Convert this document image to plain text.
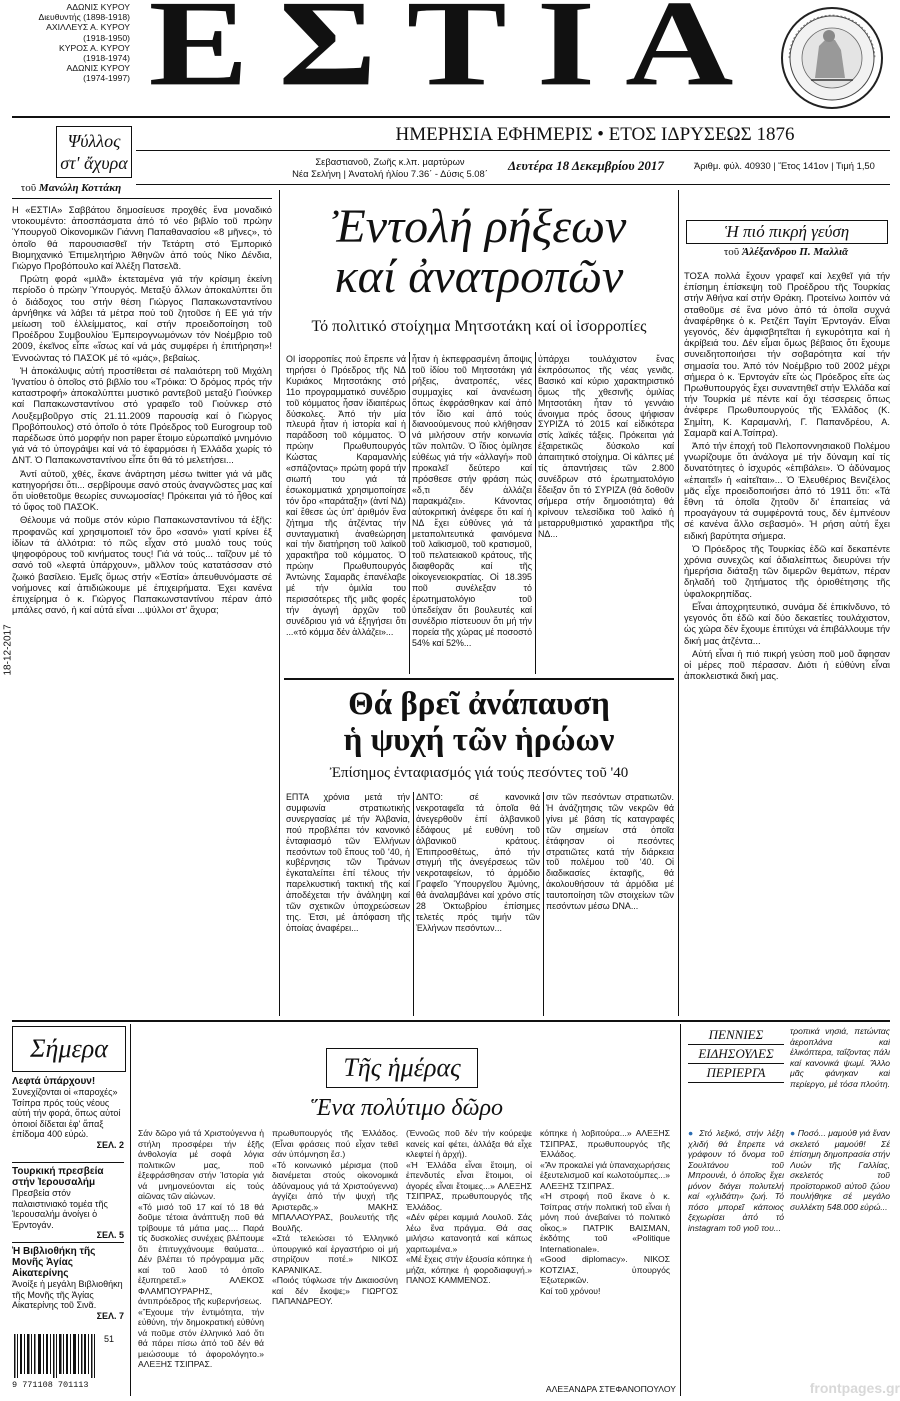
ΑΔΩΝΙΣ ΚΥΡΟΥ
Διευθυντής (1898-1918)
ΑΧΙΛΛΕΥΣ Α. ΚΥΡΟΥ
(1918-1950)
ΚΥΡΟΣ Α. ΚΥΡΟΥ
(1918-1974)
ΑΔΩΝΙΣ ΚΥΡΟΥ
(1974-1997) ΕΣΤΙΑ
ΗΜΕΡΗΣΙΑ ΕΦΗΜΕΡΙΣ • ΕΤΟΣ ΙΔΡΥΣΕΩΣ 1876
Σεβαστιανοῦ, Ζωῆς κ.λπ. μαρτύρων
Νέα Σελήνη | Ἀνατολή ἡλίου 7.36΄ - Δύσις 5.08΄
Δευτέρα 18 Δεκεμβρίου 2017	Ἀριθμ. φύλ. 40930 | Ἔτος 141ον | Τιμή 1,50
18-12-2017
Ψύλλος στ' ἄχυρα
τοῦ Μανώλη Κοττάκη

Η «ΕΣΤΙΑ» Σαββάτου δημοσίευσε προχθές ἕνα μοναδικό ντοκουμέντο: ἀποσπάσματα ἀπό τό νέο βιβλίο τοῦ πρώην Ὑπουργοῦ Οἰκονομικῶν Γιάννη Παπαθανασίου «8 μῆνες», τό ὁποῖο θά παρουσιασθεῖ τήν Τετάρτη στό Ἐμπορικό Βιομηχανικό Ἐπιμελητήριο Ἀθηνῶν ἀπό τούς Νίκο Δένδια, Γιώργο Προβόπουλο καί Ἀλέξη Πατσελᾶ.

Πρώτη φορά «μιλᾶ» ἐκτεταμένα γιά τήν κρίσιμη ἐκείνη περίοδο ὁ πρώην Ὑπουργός. Μεταξύ ἄλλων ἀποκαλύπτει ὅτι ὁ διάδοχος του στήν θέση Γιώργος Παπακωνσταντίνου ἀρνήθηκε νά λάβει τά μέτρα πού τοῦ ζητοῦσε ἡ ΕΕ γιά τήν μείωση τοῦ ἐλλείμματος, καί στήν προειδοποίηση τοῦ Προέδρου Συμβουλίου Ἐμπειρογνωμόνων τόν Νοέμβριο τοῦ 2009, ἐκεῖνος εἶπε «ἴσως καί νά μάς συμφέρει ἡ ἐπιτήρηση»! Ἐννοώντας τό ΠΑΣΟΚ μέ τό «μάς», βεβαίως.

Ἡ ἀποκάλυψις αὐτή προστίθεται σέ παλαιότερη τοῦ Μιχάλη Ἰγνατίου ὁ ὁποῖος στό βιβλίο του «Τρόικα: Ὁ δρόμος πρός τήν καταστροφή» ἀποκαλύπτει μυστικό ραντεβοῦ μεταξύ Γιούνκερ καί Παπακωνσταντίνου στό γραφεῖο τοῦ Γιούνκερ στό Λουξεμβοῦργο στίς 21.11.2009 παρουσίᾳ καί ὁ Γιώργος Προβόπουλος) στό ὁποῖο ὁ τότε Πρόεδρος τοῦ Eurogroup τοῦ παρέδωσε ὑπό μορφήν non paper ἕτοιμο εὐρωπαϊκό μνημόνιο γιά νά τό ὑπογράψει καί νά τό ἐφαρμόσει ἡ Ἑλλάδα χωρίς τό ΔΝΤ. Ὁ Παπακωνσταντίνου εἶπε ὅτι θά τό μελετήσει...

Ἀντί αὐτοῦ, χθές, ἔκανε ἀνάρτηση μέσω twitter γιά νά μᾶς κατηγορήσει ὅτι... σερβίρουμε σανό στούς ἀναγνῶστες μας καί ὅτι υἱοθετοῦμε θεωρίες συνωμοσίας! Πρόκειται γιά τό ἦθος καί τό ὕφος τοῦ ΠΑΣΟΚ.

Θέλουμε νά ποῦμε στόν κύριο Παπακωνσταντίνου τά ἑξῆς: προφανῶς καί χρησιμοποιεῖ τόν ὅρο «σανό» γιατί κρίνει ἐξ ἰδίων τά ἀλλότρια: τό πῶς εἶχαν στό μυαλό τους τούς ψηφοφόρους τοῦ κινήματος τους! Γιά νά τούς... ταΐζουν μέ τό σανό τοῦ «λεφτά ὑπάρχουν», μᾶλλον τούς κατατάσσαν στό ζωικό βασίλειο. Ἐμεῖς ὅμως στήν «Ἑστία» ἀπευθυνόμαστε σέ νοήμονες καί ἀπιδιώκουμε μέ ἐπιχειρήματα. Ἐχει κανένα ἐπιχείρημα ὁ κ. Γιώργος Παπακωνσταντίνου πέραν ἀπό μπάλες σανό, ἡ καί αὐτά εἶναι ...ψύλλοι στ' ἄχυρα;

Ἐντολή ρήξεων
καί ἀνατροπῶν
Τό πολιτικό στοίχημα Μητσοτάκη καί οἱ ἰσορροπίες
ΟΙ ἰσορροπίες πού ἔπρεπε νά τηρήσει ὁ Πρόεδρος τῆς ΝΔ Κυριάκος Μητσοτάκης στό 11ο προγραμματικό συνέδριο τοῦ κόμματος ἦσαν ἰδιαιτέρως δύσκολες. Ἀπό τήν μία πλευρά ἦταν ἡ ἱστορία καί ἡ παράδοση τοῦ κόμματος. Ὁ πρώην Πρωθυπουργός Κώστας Καραμανλής «σπάζοντας» πρώτη φορά τήν σιωπή του γιά τά ἐσωκομματικά χρησιμοποίησε τόν ὅρο «παράταξη» (ἀντί ΝΔ) καί ἔθεσε ὡς ὑπ' ἀριθμόν ἕνα ζήτημα τῆς ἀτζέντας τήν συνταγματική ἀναθεώρηση καί τήν διατήρηση τοῦ λαϊκοῦ χαρακτῆρα τοῦ κόμματος. Ὁ πρώην Πρωθυπουργός Ἀντώνης Σαμαρᾶς ἐπανέλαβε μέ τήν ὁμιλία του περισσότερες τῆς μιᾶς φορές τήν ἀγωγή ἀρχῶν τοῦ συνέδριου γιά νά ἐξηγήσει ὅτι ...«τό κόμμα δέν ἀλλάζει»...
ἦταν ἡ ἐκπεφρασμένη ἄποψις τοῦ ἰδίου τοῦ Μητσοτάκη γιά ρήξεις, ἀνατροπές, νέες συμμαχίες καί ἀνανέωση ὅπως ἐκφράσθηκαν καί ἀπό τόν ἴδιο καί ἀπό τούς διανοούμενους πού κλήθησαν νά μιλήσουν στήν κοινωνία τῶν πολιτῶν. Ὁ ἴδιος ὁμίλησε εὐθέως γιά τήν «ἀλλαγή» ποῦ προκαλεῖ δεύτερο καί πρόσθεσε στήν φράση πώς «δ,τι δέν ἀλλάζει παρακμάζει». Κάνοντας αὐτοκριτική ἀνέφερε ὅτι καί ἡ ΝΔ ἔχει εὐθύνες γιά τά μεταπολιτευτικά φαινόμενα τοῦ λαϊκισμοῦ, τοῦ κρατισμοῦ, τοῦ πελατειακοῦ κράτους, τῆς διαφθορᾶς καί τῆς οἰκογενειοκρατίας. Οἱ 18.395 ποῦ συνέλεξαν τό ἐρωτηματολόγιο τοῦ ὑπεδείχαν ὅτι βουλευτές καί συνέδριο πίστευουν ὅτι μή τήν πορεία τῆς χώρας μέ ποσοστό 54% καί 52%...
ὑπάρχει τουλάχιστον ἕνας ἐκπρόσωπος τῆς νέας γενιᾶς. Βασικό καί κύριο χαρακτηριστικό ὅμως τῆς χθεσινῆς ὁμιλίας Μητσοτάκη ἦταν τό γεννάιο ἄνοιγμα πρός ὅσους ψήφισαν ΣΥΡΙΖΑ τό 2015 καί εἰδικότερα στίς λαϊκές τάξεις. Πρόκειται γιά ἐξαιρετικῶς δύσκολο καί ἀπαιτητικό στοίχημα. Οἱ κάλπες μέ τίς ἀπαντήσεις τῶν 2.800 συνέδρων στό ἐρωτηματολόγιο ἔδειξαν ὅτι τό ΣΥΡΙΖΑ (θά δοθοῦν σήμερα στήν δημοσιότητα) θά κρίνουν τελεσίδικα τοῦ λαϊκό ἡ μεταρρυθμιστικό χαρακτῆρα τῆς ΝΔ...
Θά βρεῖ ἀνάπαυση
ἡ ψυχή τῶν ἡρώων
Ἐπίσημος ἐνταφιασμός γιά τούς πεσόντες τοῦ '40
ΕΠΤΑ χρόνια μετά τήν συμφωνία στρατιωτικής συνεργασίας μέ τήν Ἀλβανία, πού προβλέπει τόν κανονικό ἐνταφιασμό τῶν Ἑλλήνων πεσόντων τοῦ ἔπους τοῦ '40, ἡ κυβέρνησις τῶν Τιράνων ἐγκαταλείπει ἐπί τέλους τήν παρελκυστική τακτική τῆς καί ἀποδέχεται τήν ἀνάληψη καί τῶν σχετικῶν ὑποχρεώσεων της. Ἐτσι, μέ ἀπόφαση τῆς ὁποίας ἀναφέρει...
ΔΝΤΟ: σέ κανονικά νεκροταφεῖα τά ὁποῖα θά ἀνεγερθοῦν ἐπί ἀλβανικοῦ ἐδάφους μέ ευθύνη τοῦ ἀλβανικοῦ κράτους. Ἐπιπροσθέτως, ἀπό τήν στιγμή τῆς ἀνεγέρσεως τῶν νεκροταφείων, τό ἀρμόδιο Γραφεῖο Ὑπουργεῖου Ἀμύνης, θά ἀναλαμβάνει καί χρόνο στίς 28 Ὀκτωβρίου ἐπίσημες τελετές πρός τιμήν τῶν Ἑλλήνων πεσόντων...
σιν τῶν πεσόντων στρατιωτῶν. Ἡ ἀνάζητησις τῶν νεκρῶν θά γίνει μέ βάση τίς καταγραφές τῶν σημείων στά ὁποῖα ἐτάφησαν οἱ πεσόντες στρατιῶτες κατά τήν διάρκεια τοῦ πολέμου τοῦ '40. Οἱ διαδικασίες ἐκταφῆς, θά ἀκολουθήσουν τά ἀρμόδια μέ ταυτοποίηση τῶν στοιχείων τῶν πεσόντων μέσω DNA...
Ἡ πιό πικρή γεύση
τοῦ Ἀλέξανδρου Π. Μαλλιᾶ

ΤΟΣΑ πολλά ἔχουν γραφεῖ καί λεχθεῖ γιά τήν ἐπίσημη ἐπίσκεψη τοῦ Προέδρου τῆς Τουρκίας στήν Ἀθήνα καί στήν Θράκη. Προτείνω λοιπόν νά σταθοῦμε σέ ἕνα μόνο ἀπό τά ὁποῖα συχνά ἀναφέρθηκε ὁ κ. Ρετζέπ Ταγίπ Ἐρντογάν. Εἶναι γεγονός, δέν ἀμφισβητεῖται ἡ εγκυρότητα καί ἡ ἀκρίβειά του. Δέν εἶμαι ὅμως βέβαιος ὅτι ἔχουμε συνειδητοποιήσει τήν σοβαρότητα καί τήν σημασία του. Ἀπό τόν Νοέμβριο τοῦ 2002 μέχρι σήμερα ὁ κ. Ἐρντογάν εἴτε ὡς Πρόεδρος εἴτε ὡς Πρωθυπουργός ἔχει συναντηθεῖ στήν Ἑλλάδα καί τήν Τουρκία μέ πέντε καί ὅχι τέσσερεις ὅπως ἀνέφερε Πρωθυπουργούς τῆς Ἑλλάδος (Κ. Σημίτη, Κ. Καραμανλή, Γ. Παπανδρέου, Α. Σαμαρᾶ καί Α.Τσίπρα).

Ἀπό τήν ἐποχή τοῦ Πελοποννησιακοῦ Πολέμου γνωρίζουμε ὅτι ἀνάλογα μέ τήν δύναμη καί τίς δυνατότητες ὁ ἰσχυρός «ἐπιβάλει». Ὁ ἀδύναμος «ἐπαιτεῖ» ἡ «αἰτεῖται»... Ὁ Ἐλευθέριος Βενιζέλος μᾶς εἶχε προειδοποιήσει ἀπό τό 1911 ὅτι: «Τά ἔθνη τά ὁποῖα ζητοῦν δι' ἐπαιτείας νά προαγάγουν τά συμφέροντά τους, δέν ἐμπνέουν σέ κανένα ἄλλο σεβασμό». Ἡ ρήση αὐτή ἔχει ειδική βαρύτητα σήμερα.

Ὁ Πρόεδρος τῆς Τουρκίας ἐδῶ καί δεκαπέντε χρόνια συνεχῶς καί ἀδιαλείπτως διευρύνει τήν ἡμερήσια διάταξη τῶν διμερῶν θεμάτων, πέραν δηλαδή τοῦ ζητήματος τῆς ὀριοθέτησης τῆς ὑφαλοκρηπίδας.

Εἶναι ἀποχρητευτικό, συνάμα δέ ἐπικίνδυνο, τό γεγονός ὅτι ἐδῶ καί δύο δεκαετίες τουλάχιστον, ὡς χώρα δέν ἔχουμε ἐπιτύχει νά ἐπιβάλλουμε τήν δική μας ἀτζέντα...

Αὐτή εἶναι ἡ πιό πικρή γεύση ποῦ μοῦ ἄφησαν οἱ μέρες ποῦ πέρασαν. Διότι ἡ εὐθύνη εἶναι ἀποκλειστικά δική μας.

Σήμερα
Λεφτά ὑπάρχουν!
Συνεχίζονται οἱ «παροχές» Τσίπρα πρός τούς νέους αὐτή τήν φορά, ὅπως αὐτοί ὁποιοί δίδεται ἐφ' ἅπαξ ἐπίδομα 400 εὐρώ.
ΣΕΛ. 2
Τουρκική πρεσβεία στήν Ἰερουσαλήμ
Πρεσβεία στόν παλαιστινιακό τομέα τῆς Ἰερουσαλήμ ἀνοίγει ὁ Ἐρντογάν.
ΣΕΛ. 5
Ἡ Βιβλιοθήκη τῆς Μονῆς Ἁγίας Αἰκατερίνης
Ἀνοίξε ἡ μεγάλη Βιβλιοθήκη τῆς Μονῆς τῆς Ἁγίας Αἰκατερίνης τοῦ Σινᾶ.
ΣΕΛ. 7
51
9 771108 701113
Τῆς ἡμέρας
Ἕνα πολύτιμο δῶρο
Σάν δῶρο γιά τά Χριστούγεννα ἡ στήλη προσφέρει τήν ἐξῆς ἀνθολογία μέ σοφά λόγια πολιτικῶν μας, ποῦ ἐξεφράσθησαν στήν Ἱστορία γιά νά μνημονεύονται εἰς τούς αἰῶνας τῶν αἰώνων.
«Τό μισό τοῦ 17 καί τό 18 θά δοῦμε τέτοια ἀνάπτυξη ποῦ θά τρίβουμε τά μάτια μας.... Παρά τίς δυσκολίες συνέχεις βλέπουμε ὅτι ἐπιτυγχάνουμε θαύματα... Δέν βλέπει τό πρόγραμμα μᾶς καί τοῦ λαοῦ τό ὁποῖο ἐξυπηρετεῖ.» ΑΛΕΚΟΣ ΦΛΑΜΠΟΥΡΑΡΗΣ, ἀντιπρόεδρος τῆς κυβερνήσεως.
«Ἔχουμε τήν ἐντιμότητα, τήν εὐθύνη, τήν δημοκρατική εὐθύνη νά ποῦμε στόν ἑλληνικό λαό ὅτι θά πάρει πίσω ἀπό τοῦ δέν θά μειώσουμε τό ἀφορολόγητο.» ΑΛΕΞΗΣ ΤΣΙΠΡΑΣ.
πρωθυπουργός τῆς Ἑλλάδος. (Εἶναι φράσεις πού εἶχαν τεθεῖ σάν ὑπόμνηση ἔσ.)
«Τό κοινωνικό μέρισμα (ποῦ διανέμεται στούς οἰκονομικά ἀδύναμους γιά τά Χριστούγεννα) ἀγγίζει ἀπό τήν ψυχή τῆς Ἀριστερᾶς.» ΜΑΚΗΣ ΜΠΑΛΑΟΥΡΑΣ, βουλευτής τῆς Βουλῆς.
«Στά τελειώσει τό Ἑλληνικό ὑπουργικό καί ἐργαστήριο οἱ μή στηρίζουν ποτέ.» ΝΙΚΟΣ ΚΑΡΑΝΙΚΑΣ.
«Ποιός τύφλωσε τήν Δικαιοσύνη καί δέν ἔκοψε;» ΓΙΩΡΓΟΣ ΠΑΠΑΝΔΡΕΟΥ.
(Ἐννοῶς ποῦ δέν τήν κούρεψε κανείς καί φέτει, ἀλλάξα θά εἶχε κλεφτεί ἡ ἀρχή).
«Ἡ Ἑλλάδα εἶναι ἕτοιμη, οἱ ἐπενδυτές εἶναι ἕτοιμοι, οἱ ἀγορές εἶναι ἕτοιμες...» ΑΛΕΞΗΣ ΤΣΙΠΡΑΣ, πρωθυπουργός τῆς Ἑλλάδος.
«Δέν φέρει καμμιά Λουλοῦ. Σάς λέω ἕνα πράγμα. Θά σας μιλήσω κατανοητά καί κάπως χαριτωμένα.»
«Μέ ἔχεις στήν ἐξουσία κόπηκε ἡ μήζα, κόπηκε ἡ φοροδιαφυγή.» ΠΑΝΟΣ ΚΑΜΜΕΝΟΣ.
κόπηκε ἡ λοβιτούρα...» ΑΛΕΞΗΣ ΤΣΙΠΡΑΣ, πρωθυπουργός τῆς Ἑλλάδος.
«Ἄν προκαλεί γιά ὑπαναχωρήσεις ἐξευτελισμοῦ καί κωλοτούμπες...» ΑΛΕΞΗΣ ΤΣΙΠΡΑΣ.
«Ἡ στροφή ποῦ ἔκανε ὁ κ. Τσίπρας στήν πολιτική τοῦ εἶναι ἡ μόνη πού ἀνεβαίνει τό πολιτικό οἶκος.» ΠΑΤΡΙΚ ΒΑΙΣΜΑΝ, ἐκδότης τοῦ «Politique Internationale».
«Good diplomacy». ΝΙΚΟΣ ΚΟΤΖΙΑΣ, ὑπουργός Ἐξωτερικῶν.
Καί τοῦ χρόνου!
ΑΛΕΞΑΝΔΡΑ ΣΤΕΦΑΝΟΠΟΥΛΟΥ
ΠΕΝΝΙΕΣ
ΕΙΔΗΣΟΥΛΕΣ
ΠΕΡΙΕΡΓΑ
τροπικά νησιά, πετώντας ἀεροπλάνα καί ἐλικόπτερα, ταΐζοντας πάλι καί κανονικά ψωμί. Ἄλλο μᾶς φάνηκαν καί περίεργο, μέ τόσα πλούτη.
● Στό λεξικό, στήν λέξη χλιδή θά ἔπρεπε νά γράφουν τό ὄνομα τοῦ Σουλτάνου τοῦ Μπρουνέι, ὁ ὁποῖος ἔχει μόνον διάγει πολυτελή καί «χλιδάτη» ζωή. Τό πόσο μπορεῖ κάποιος ξεχωρίσει ἀπό τό instagram τοῦ γιοῦ του...
● Ποσό... μαμούθ γιά ἕναν σκελετό μαμούθ! Σέ ἐπίσημη δημοπρασία στήν Λυών τῆς Γαλλίας, σκελετός τοῦ προϊστορικοῦ αὐτοῦ ζώου πουλήθηκε σέ μεγάλο συλλέκτη 548.000 εὐρώ...
frontpages.gr
